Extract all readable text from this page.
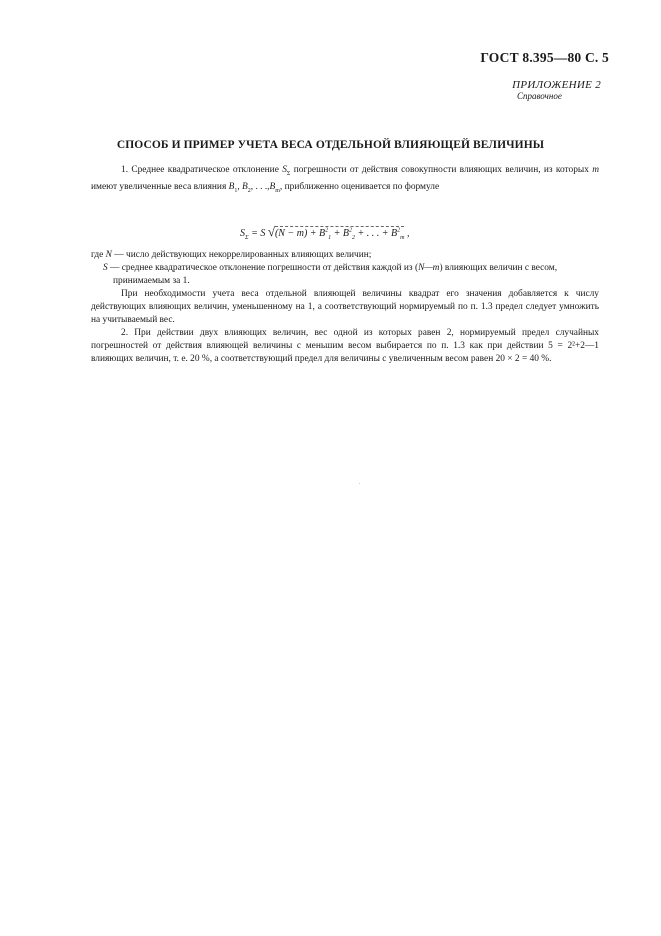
ГОСТ 8.395—80 С. 5
ПРИЛОЖЕНИЕ 2
Справочное
СПОСОБ И ПРИМЕР УЧЕТА ВЕСА ОТДЕЛЬНОЙ ВЛИЯЮЩЕЙ ВЕЛИЧИНЫ

1. Среднее квадратическое отклонение $S_\Sigma$ погрешности от действия совокупности влияющих величин, из которых m имеют увеличенные веса влияния $B_1$, $B_2$, . . $.,B_m$, приближенно оценивается по формуле

$S_\Sigma = S$ $√(N - m) + B^2_1 + B^2_2$ + . . . + $B^2_m$ ,

где N — число действующих некоррелированных влияющих величин;

S — среднее квадратическое отклонение погрешности от действия каждой из (N—m) влияющих величин с весом, принимаемым за 1.

При необходимости учета веса отдельной влияющей величины квадрат его значения добавляется к числу действующих влияющих величин, уменьшенному на 1, а соответствующий нормируемый по п. 1.3 предел следует умножить на учитываемый вес.

2. При действии двух влияющих величин, вес одной из которых равен 2, нормируемый предел случайных погрешностей от действия влияющей величины с меньшим весом выбирается по п. 1.3 как при действии 5 = 2²+2—1 влияющих величин, т. е. 20 %, а соответствующий предел для величины с увеличенным весом равен 20 × 2 = 40 %.
